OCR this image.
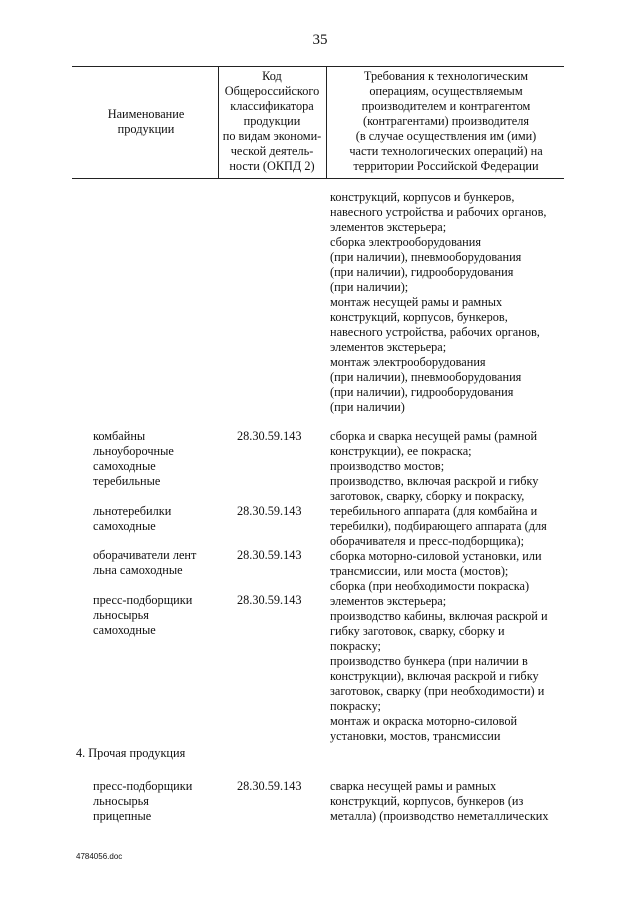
35
Наименование
продукции
Код
Общероссийского
классификатора
продукции
по видам экономи-
ческой деятель-
ности (ОКПД 2)
Требования к технологическим
операциям, осуществляемым
производителем и контрагентом
(контрагентами) производителя
(в случае осуществления им (ими)
части технологических операций) на
территории Российской Федерации
конструкций, корпусов и бункеров,
навесного устройства и рабочих органов,
элементов экстерьера;
сборка электрооборудования
(при наличии), пневмооборудования
(при наличии), гидрооборудования
(при наличии);
монтаж несущей рамы и рамных
конструкций, корпусов, бункеров,
навесного устройства, рабочих органов,
элементов экстерьера;
монтаж электрооборудования
(при наличии), пневмооборудования
(при наличии), гидрооборудования
(при наличии)
комбайны
льноуборочные
самоходные
теребильные
28.30.59.143
льнотеребилки
самоходные
28.30.59.143
оборачиватели лент
льна самоходные
28.30.59.143
пресс-подборщики
льносырья
самоходные
28.30.59.143
сборка и сварка несущей рамы (рамной
конструкции), ее покраска;
производство мостов;
производство, включая раскрой и гибку
заготовок, сварку, сборку и покраску,
теребильного аппарата (для комбайна и
теребилки), подбирающего аппарата (для
оборачивателя и пресс-подборщика);
сборка моторно-силовой установки, или
трансмиссии, или моста (мостов);
сборка (при необходимости покраска)
элементов экстерьера;
производство кабины, включая раскрой и
гибку заготовок, сварку, сборку и
покраску;
производство бункера (при наличии в
конструкции), включая раскрой и гибку
заготовок, сварку (при необходимости) и
покраску;
монтаж и окраска моторно-силовой
установки, мостов, трансмиссии
4. Прочая продукция
пресс-подборщики
льносырья
прицепные
28.30.59.143	сварка несущей рамы и рамных
конструкций, корпусов, бункеров (из
металла) (производство неметаллических
4784056.doc
